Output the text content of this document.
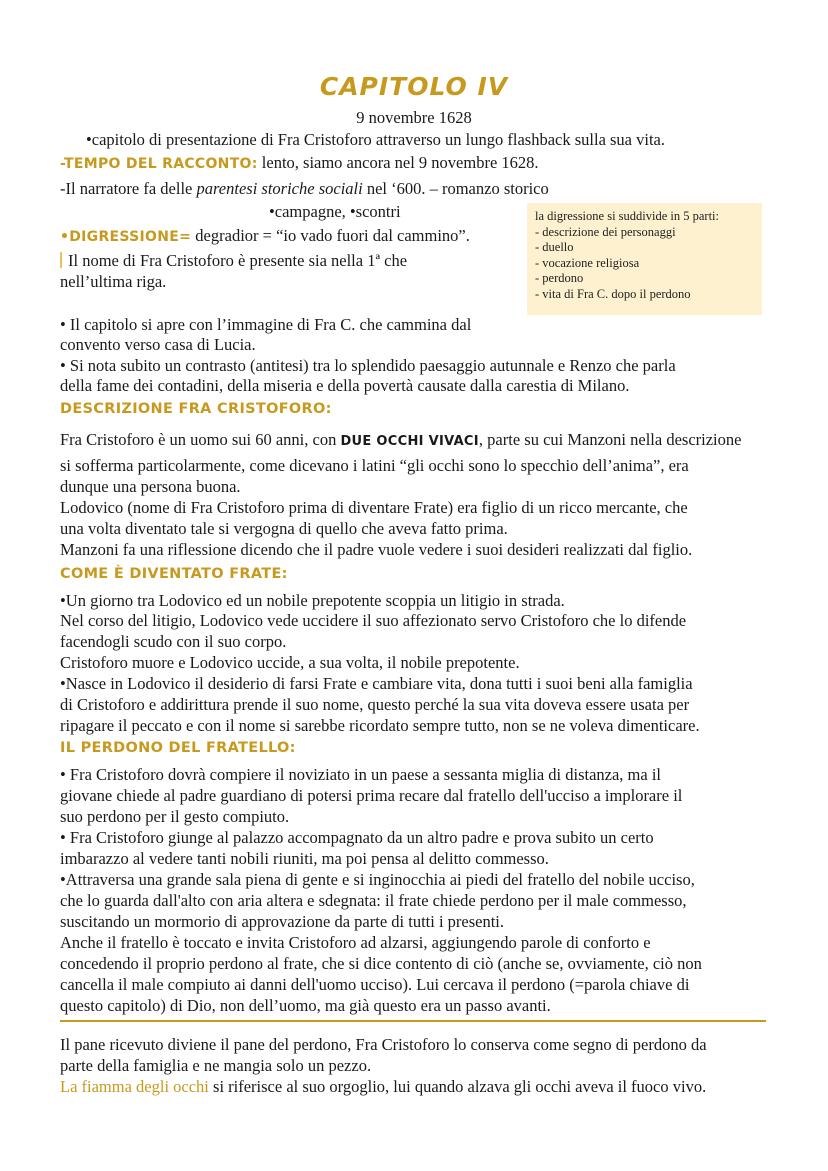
CAPITOLO IV
9 novembre 1628
•capitolo di presentazione di Fra Cristoforo attraverso un lungo flashback sulla sua vita.
-TEMPO DEL RACCONTO: lento, siamo ancora nel 9 novembre 1628.
-Il narratore fa delle parentesi storiche sociali nel ‘600. – romanzo storico
•campagne, •scontri
•DIGRESSIONE= degradior = “io vado fuori dal cammino”.
Il nome di Fra Cristoforo è presente sia nella 1ª che
nell’ultima riga.
la digressione si suddivide in 5 parti:
- descrizione dei personaggi
- duello
- vocazione religiosa
- perdono
- vita di Fra C. dopo il perdono
• Il capitolo si apre con l’immagine di Fra C. che cammina dal
convento verso casa di Lucia.
• Si nota subito un contrasto (antitesi) tra lo splendido paesaggio autunnale e Renzo che parla
della fame dei contadini, della miseria e della povertà causate dalla carestia di Milano.
DESCRIZIONE FRA CRISTOFORO:
Fra Cristoforo è un uomo sui 60 anni, con DUE OCCHI VIVACI, parte su cui Manzoni nella descrizione
si sofferma particolarmente, come dicevano i latini “gli occhi sono lo specchio dell’anima”, era
dunque una persona buona.
Lodovico (nome di Fra Cristoforo prima di diventare Frate) era figlio di un ricco mercante, che
una volta diventato tale si vergogna di quello che aveva fatto prima.
Manzoni fa una riflessione dicendo che il padre vuole vedere i suoi desideri realizzati dal figlio.
COME È DIVENTATO FRATE:
•Un giorno tra Lodovico ed un nobile prepotente scoppia un litigio in strada.
Nel corso del litigio, Lodovico vede uccidere il suo affezionato servo Cristoforo che lo difende
facendogli scudo con il suo corpo.
Cristoforo muore e Lodovico uccide, a sua volta, il nobile prepotente.
•Nasce in Lodovico il desiderio di farsi Frate e cambiare vita, dona tutti i suoi beni alla famiglia
di Cristoforo e addirittura prende il suo nome, questo perché la sua vita doveva essere usata per
ripagare il peccato e con il nome si sarebbe ricordato sempre tutto, non se ne voleva dimenticare.
IL PERDONO DEL FRATELLO:
• Fra Cristoforo dovrà compiere il noviziato in un paese a sessanta miglia di distanza, ma il
giovane chiede al padre guardiano di potersi prima recare dal fratello dell'ucciso a implorare il
suo perdono per il gesto compiuto.
• Fra Cristoforo giunge al palazzo accompagnato da un altro padre e prova subito un certo
imbarazzo al vedere tanti nobili riuniti, ma poi pensa al delitto commesso.
•Attraversa una grande sala piena di gente e si inginocchia ai piedi del fratello del nobile ucciso,
che lo guarda dall'alto con aria altera e sdegnata: il frate chiede perdono per il male commesso,
suscitando un mormorio di approvazione da parte di tutti i presenti.
Anche il fratello è toccato e invita Cristoforo ad alzarsi, aggiungendo parole di conforto e
concedendo il proprio perdono al frate, che si dice contento di ciò (anche se, ovviamente, ciò non
cancella il male compiuto ai danni dell'uomo ucciso). Lui cercava il perdono (=parola chiave di
questo capitolo) di Dio, non dell’uomo, ma già questo era un passo avanti.
Il pane ricevuto diviene il pane del perdono, Fra Cristoforo lo conserva come segno di perdono da
parte della famiglia e ne mangia solo un pezzo.
La fiamma degli occhi si riferisce al suo orgoglio, lui quando alzava gli occhi aveva il fuoco vivo.
